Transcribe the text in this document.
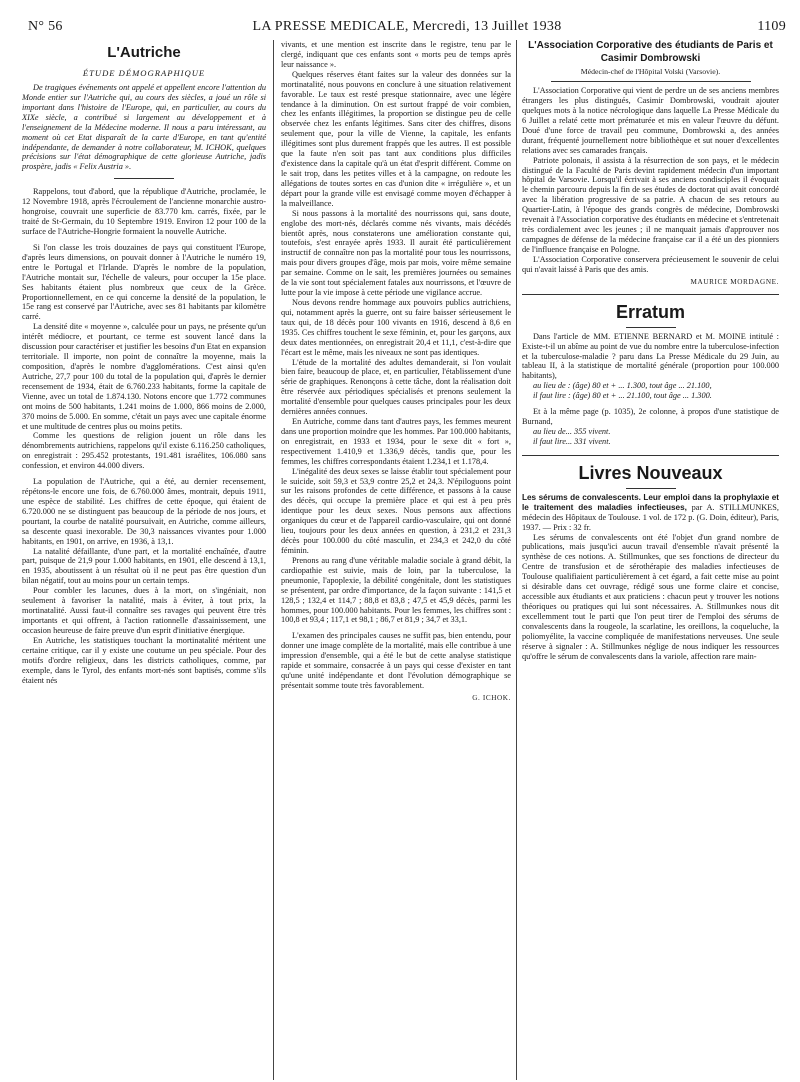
N° 56	LA PRESSE MEDICALE, Mercredi, 13 Juillet 1938	1109
L'Autriche
ÉTUDE DÉMOGRAPHIQUE

De tragiques événements ont appelé et appellent encore l'attention du Monde entier sur l'Autriche qui, au cours des siècles, a joué un rôle si important dans l'histoire de l'Europe, qui, en particulier, au cours du XIXe siècle, a contribué si largement au développement et à l'enseignement de la Médecine moderne. Il nous a paru intéressant, au moment où cet Etat disparaît de la carte d'Europe, en tant qu'entité indépendante, de demander à notre collaborateur, M. ICHOK, quelques précisions sur l'état démographique de cette glorieuse Autriche, jadis prospère, jadis « Felix Austria ».

Rappelons, tout d'abord, que la république d'Autriche, proclamée, le 12 Novembre 1918, après l'écroulement de l'ancienne monarchie austro-hongroise, couvrait une superficie de 83.770 km. carrés, fixée, par le traité de St-Germain, du 10 Septembre 1919. Environ 12 pour 100 de la surface de l'Autriche-Hongrie formaient la nouvelle Autriche.

Si l'on classe les trois douzaines de pays qui constituent l'Europe, d'après leurs dimensions, on pouvait donner à l'Autriche le numéro 19, entre le Portugal et l'Irlande. D'après le nombre de la population, l'Autriche montait sur, l'échelle de valeurs, pour occuper la 15e place. Ses habitants étaient plus nombreux que ceux de la Grèce. Proportionnellement, en ce qui concerne la densité de la population, le 15e rang est conservé par l'Autriche, avec ses 81 habitants par kilomètre carré.

La densité dite « moyenne », calculée pour un pays, ne présente qu'un intérêt médiocre, et pourtant, ce terme est souvent lancé dans la discussion pour caractériser et justifier les besoins d'un Etat en expansion territoriale. Il importe, non point de connaître la moyenne, mais la composition, d'après le nombre d'agglomérations. C'est ainsi qu'en Autriche, 27,7 pour 100 du total de la population qui, d'après le dernier recensement de 1934, était de 6.760.233 habitants, forme la capitale de Vienne, avec un total de 1.874.130. Notons encore que 1.772 communes ont moins de 500 habitants, 1.241 moins de 1.000, 866 moins de 2.000, 370 moins de 5.000. En somme, c'était un pays avec une capitale énorme et une multitude de centres plus ou moins petits.

Comme les questions de religion jouent un rôle dans les dénombrements autrichiens, rappelons qu'il existe 6.116.250 catholiques, on enregistrait : 295.452 protestants, 191.481 israélites, 106.080 sans confession, et environ 44.000 divers.

La population de l'Autriche, qui a été, au dernier recensement, répétons-le encore une fois, de 6.760.000 âmes, montrait, depuis 1911, une espèce de stabilité. Les chiffres de cette époque, qui étaient de 6.720.000 ne se distinguent pas beaucoup de la période de nos jours, et pourtant, la courbe de natalité poursuivait, en Autriche, comme ailleurs, sa descente quasi inexorable. De 30,3 naissances vivantes pour 1.000 habitants, en 1901, on arrive, en 1936, à 13,1.

La natalité défaillante, d'une part, et la mortalité enchaînée, d'autre part, puisque de 21,9 pour 1.000 habitants, en 1901, elle descend à 13,1, en 1935, aboutissent à un résultat où il ne peut pas être question d'un bilan négatif, tout au moins pour un certain temps.

Pour combler les lacunes, dues à la mort, on s'ingéniait, non seulement à favoriser la natalité, mais à éviter, à tout prix, la mortinatalité. Aussi faut-il connaître ses ravages qui peuvent être très importants et qui offrent, à l'action rationnelle d'assainissement, une occasion heureuse de faire preuve d'un esprit d'initiative énergique.

En Autriche, les statistiques touchant la mortinatalité méritent une certaine critique, car il y existe une coutume un peu spéciale. Pour des motifs d'ordre religieux, dans les districts catholiques, comme, par exemple, dans le Tyrol, des enfants mort-nés sont baptisés, comme s'ils étaient nés

vivants, et une mention est inscrite dans le registre, tenu par le clergé, indiquant que ces enfants sont « morts peu de temps après leur naissance ».

Quelques réserves étant faites sur la valeur des données sur la mortinatalité, nous pouvons en conclure à une situation relativement favorable. Le taux est resté presque stationnaire, avec une légère tendance à la diminution. On est surtout frappé de voir combien, chez les enfants illégitimes, la proportion se distingue peu de celle observée chez les enfants légitimes. Sans citer des chiffres, disons seulement que, pour la ville de Vienne, la capitale, les enfants illégitimes sont plus durement frappés que les autres. Il est possible que la faute n'en soit pas tant aux conditions plus difficiles d'existence dans la capitale qu'à un état d'esprit différent. Comme on le sait trop, dans les petites villes et à la campagne, on redoute les allégations de toutes sortes en cas d'union dite « irrégulière », et un départ pour la grande ville est envisagé comme moyen d'échapper à la malveillance.

Si nous passons à la mortalité des nourrissons qui, sans doute, englobe des mort-nés, déclarés comme nés vivants, mais décédés bientôt après, nous constaterons une amélioration constante qui, toutefois, s'est enrayée après 1933. Il aurait été particulièrement instructif de connaître non pas la mortalité pour tous les nourrissons, mais pour divers groupes d'âge, mois par mois, voire même semaine par semaine. Comme on le sait, les premières journées ou semaines de la vie sont tout spécialement fatales aux nourrissons, et l'œuvre de lutte pour la vie impose à cette période une vigilance accrue.

Nous devons rendre hommage aux pouvoirs publics autrichiens, qui, notamment après la guerre, ont su faire baisser sérieusement le taux qui, de 18 décès pour 100 vivants en 1916, descend à 8,6 en 1935. Ces chiffres touchent le sexe féminin, et, pour les garçons, aux deux dates mentionnées, on enregistrait 20,4 et 11,1, c'est-à-dire que l'écart est le même, mais les niveaux ne sont pas identiques.

L'étude de la mortalité des adultes demanderait, si l'on voulait bien faire, beaucoup de place, et, en particulier, l'établissement d'une série de graphiques. Renonçons à cette tâche, dont la réalisation doit être réservée aux périodiques spécialisés et prenons seulement la mortalité d'ensemble pour quelques causes principales pour les deux dernières années connues.

En Autriche, comme dans tant d'autres pays, les femmes meurent dans une proportion moindre que les hommes. Par 100.000 habitants, on enregistrait, en 1933 et 1934, pour le sexe dit « fort », respectivement 1.410,9 et 1.336,9 décès, tandis que, pour les femmes, les chiffres correspondants étaient 1.234,1 et 1.178,4.

L'inégalité des deux sexes se laisse établir tout spécialement pour le suicide, soit 59,3 et 53,9 contre 25,2 et 24,3. N'épiloguons point sur les raisons profondes de cette différence, et passons à la cause des décès, qui occupe la première place et qui est à peu près identique pour les deux sexes. Nous pensons aux affections organiques du cœur et de l'appareil cardio-vasculaire, qui ont donné lieu, toujours pour les deux années en question, à 231,2 et 231,3 décès pour 100.000 du côté masculin, et 234,3 et 242,0 du côté féminin.

Prenons au rang d'une véritable maladie sociale à grand débit, la cardiopathie est suivie, mais de loin, par la tuberculose, la pneumonie, l'apoplexie, la débilité congénitale, dont les statistiques se présentent, par ordre d'importance, de la façon suivante : 141,5 et 128,5 ; 132,4 et 114,7 ; 88,8 et 83,8 ; 47,5 et 45,9 décès, parmi les hommes, pour 100.000 habitants. Pour les femmes, les chiffres sont : 100,8 et 93,4 ; 117,1 et 98,1 ; 86,7 et 81,9 ; 34,7 et 33,1.

L'examen des principales causes ne suffit pas, bien entendu, pour donner une image complète de la mortalité, mais elle contribue à une impression d'ensemble, qui a été le but de cette analyse statistique rapide et sommaire, consacrée à un pays qui cesse d'exister en tant qu'une unité indépendante et dont l'évolution démographique se présentait somme toute très favorablement.

G. ICHOK.
L'Association Corporative des étudiants de Paris et Casimir Dombrowski
Médecin-chef de l'Hôpital Volski (Varsovie).

L'Association Corporative qui vient de perdre un de ses anciens membres étrangers les plus distingués, Casimir Dombrowski, voudrait ajouter quelques mots à la notice nécrologique dans laquelle La Presse Médicale du 6 Juillet a relaté cette mort prématurée et mis en valeur l'œuvre du défunt. Doué d'une force de travail peu commune, Dombrowski a, des années durant, fréquenté journellement notre bibliothèque et sut nouer d'excellentes relations avec ses camarades français.

Patriote polonais, il assista à la résurrection de son pays, et le médecin distingué de la Faculté de Paris devint rapidement médecin d'un important hôpital de Varsovie. Lorsqu'il écrivait à ses anciens condisciples il évoquait le chemin parcouru depuis la fin de ses études de doctorat qui avait concordé avec la libération progressive de sa patrie. A chacun de ses retours au Quartier-Latin, à l'époque des grands congrès de médecine, Dombrowski revenait à l'Association corporative des étudiants en médecine et s'entretenait très cordialement avec les jeunes ; il ne manquait jamais d'approuver nos campagnes de défense de la médecine française car il a été un des pionniers de l'influence française en Pologne.

L'Association Corporative conservera précieusement le souvenir de celui qui n'avait laissé à Paris que des amis.

MAURICE MORDAGNE.
Erratum

Dans l'article de MM. ETIENNE BERNARD et M. MOINE intitulé : Existe-t-il un abîme au point de vue du nombre entre la tuberculose-infection et la tuberculose-maladie ? paru dans La Presse Médicale du 29 Juin, au tableau II, à la statistique de mortalité générale (proportion pour 100.000 habitants),

au lieu de : (âge) 80 et + ... 1.300, tout âge ... 21.100,

il faut lire : (âge) 80 et + ... 21.100, tout âge ... 1.300.

Et à la même page (p. 1035), 2e colonne, à propos d'une statistique de Burnand,

au lieu de... 355 vivent.

il faut lire... 331 vivent.

Livres Nouveaux

Les sérums de convalescents. Leur emploi dans la prophylaxie et le traitement des maladies infectieuses, par A. STILLMUNKES, médecin des Hôpitaux de Toulouse. 1 vol. de 172 p. (G. Doin, éditeur), Paris, 1937. — Prix : 32 fr.

Les sérums de convalescents ont été l'objet d'un grand nombre de publications, mais jusqu'ici aucun travail d'ensemble n'avait présenté la synthèse de ces notions. A. Stillmunkes, que ses fonctions de directeur du Centre de transfusion et de sérothérapie des maladies infectieuses de Toulouse qualifiaient particulièrement à cet égard, a fait cette mise au point si désirable dans cet ouvrage, rédigé sous une forme claire et concise, accessible aux étudiants et aux praticiens : chacun peut y trouver les notions théoriques ou pratiques qui lui sont nécessaires. A. Stillmunkes nous dit excellemment tout le parti que l'on peut tirer de l'emploi des sérums de convalescents dans la rougeole, la scarlatine, les oreillons, la coqueluche, la poliomyélite, la vaccine compliquée de manifestations nerveuses. Une seule réserve à signaler : A. Stillmunkes néglige de nous indiquer les ressources qu'offre le sérum de convalescents dans la variole, affection rare main-
